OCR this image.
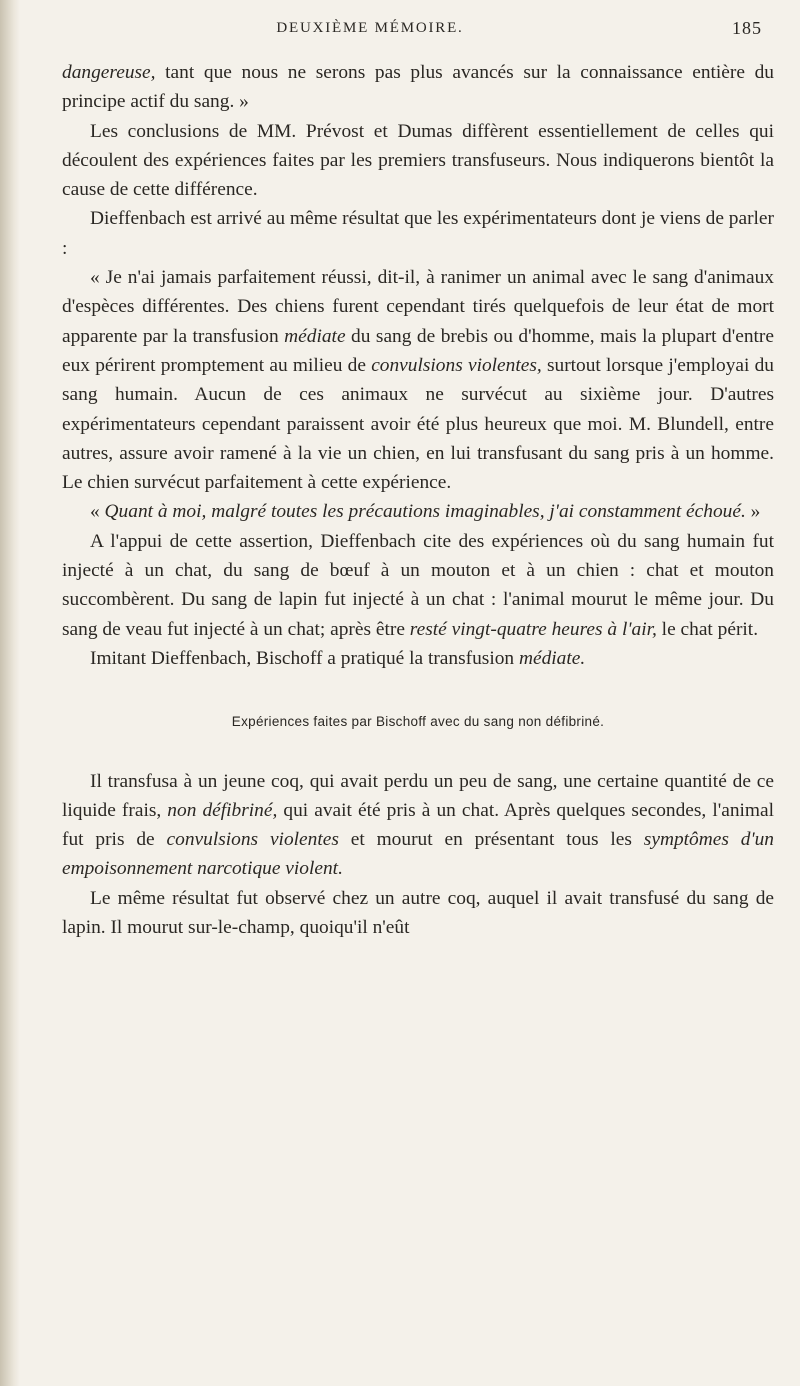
DEUXIÈME MÉMOIRE.	185

dangereuse, tant que nous ne serons pas plus avancés sur la connaissance entière du principe actif du sang. »

Les conclusions de MM. Prévost et Dumas diffèrent essentiellement de celles qui découlent des expériences faites par les premiers transfuseurs. Nous indiquerons bientôt la cause de cette différence.

Dieffenbach est arrivé au même résultat que les expérimentateurs dont je viens de parler :

« Je n'ai jamais parfaitement réussi, dit-il, à ranimer un animal avec le sang d'animaux d'espèces différentes. Des chiens furent cependant tirés quelquefois de leur état de mort apparente par la transfusion médiate du sang de brebis ou d'homme, mais la plupart d'entre eux périrent promptement au milieu de convulsions violentes, surtout lorsque j'employai du sang humain. Aucun de ces animaux ne survécut au sixième jour. D'autres expérimentateurs cependant paraissent avoir été plus heureux que moi. M. Blundell, entre autres, assure avoir ramené à la vie un chien, en lui transfusant du sang pris à un homme. Le chien survécut parfaitement à cette expérience.

« Quant à moi, malgré toutes les précautions imaginables, j'ai constamment échoué. »

A l'appui de cette assertion, Dieffenbach cite des expériences où du sang humain fut injecté à un chat, du sang de bœuf à un mouton et à un chien : chat et mouton succombèrent. Du sang de lapin fut injecté à un chat : l'animal mourut le même jour. Du sang de veau fut injecté à un chat; après être resté vingt-quatre heures à l'air, le chat périt.

Imitant Dieffenbach, Bischoff a pratiqué la transfusion médiate.

Expériences faites par Bischoff avec du sang non défibriné.

Il transfusa à un jeune coq, qui avait perdu un peu de sang, une certaine quantité de ce liquide frais, non défibriné, qui avait été pris à un chat. Après quelques secondes, l'animal fut pris de convulsions violentes et mourut en présentant tous les symptômes d'un empoisonnement narcotique violent.

Le même résultat fut observé chez un autre coq, auquel il avait transfusé du sang de lapin. Il mourut sur-le-champ, quoiqu'il n'eût
